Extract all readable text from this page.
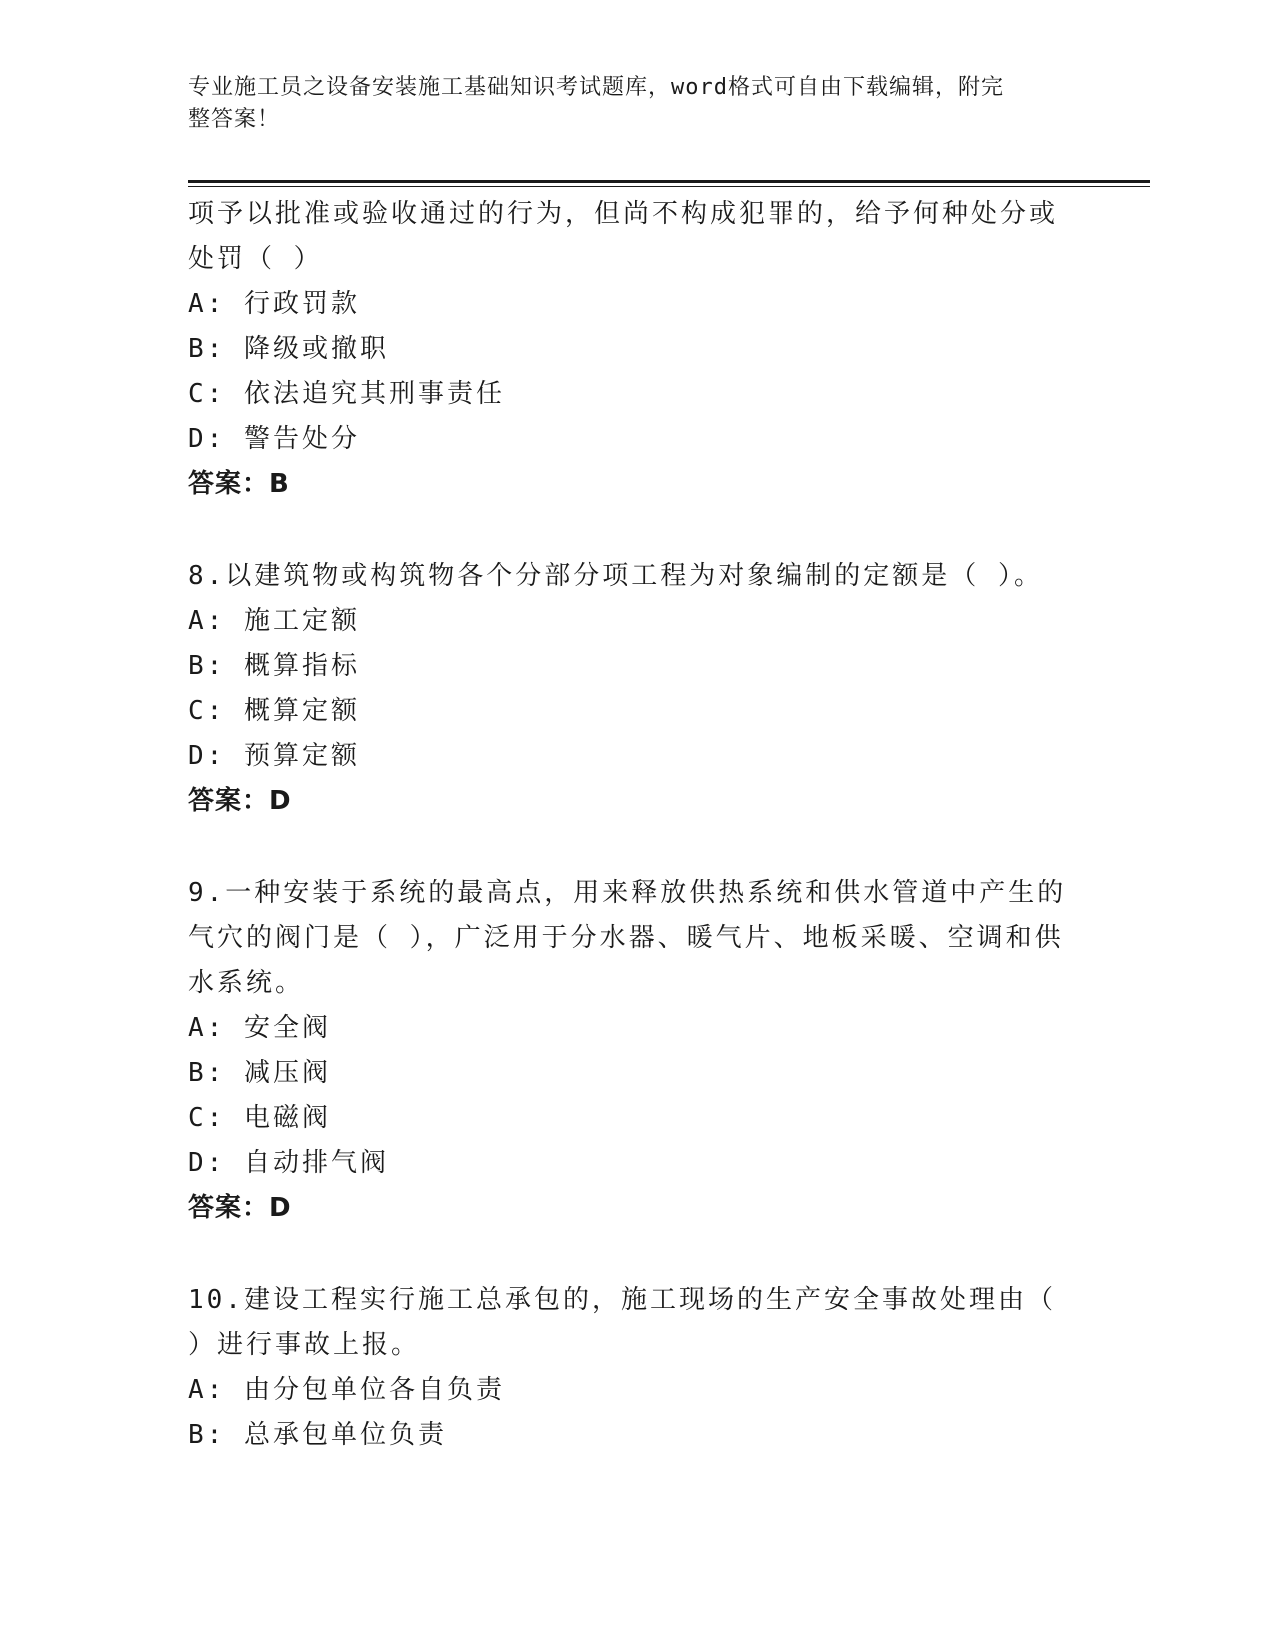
专业施工员之设备安装施工基础知识考试题库，word格式可自由下载编辑，附完
整答案！
项予以批准或验收通过的行为，但尚不构成犯罪的，给予何种处分或
处罚（ ）
A: 行政罚款
B: 降级或撤职
C: 依法追究其刑事责任
D: 警告处分
答案：B
8.以建筑物或构筑物各个分部分项工程为对象编制的定额是（ ）。
A: 施工定额
B: 概算指标
C: 概算定额
D: 预算定额
答案：D
9.一种安装于系统的最高点，用来释放供热系统和供水管道中产生的
气穴的阀门是（ ），广泛用于分水器、暖气片、地板采暖、空调和供
水系统。
A: 安全阀
B: 减压阀
C: 电磁阀
D: 自动排气阀
答案：D
10.建设工程实行施工总承包的，施工现场的生产安全事故处理由（
）进行事故上报。
A: 由分包单位各自负责
B: 总承包单位负责
